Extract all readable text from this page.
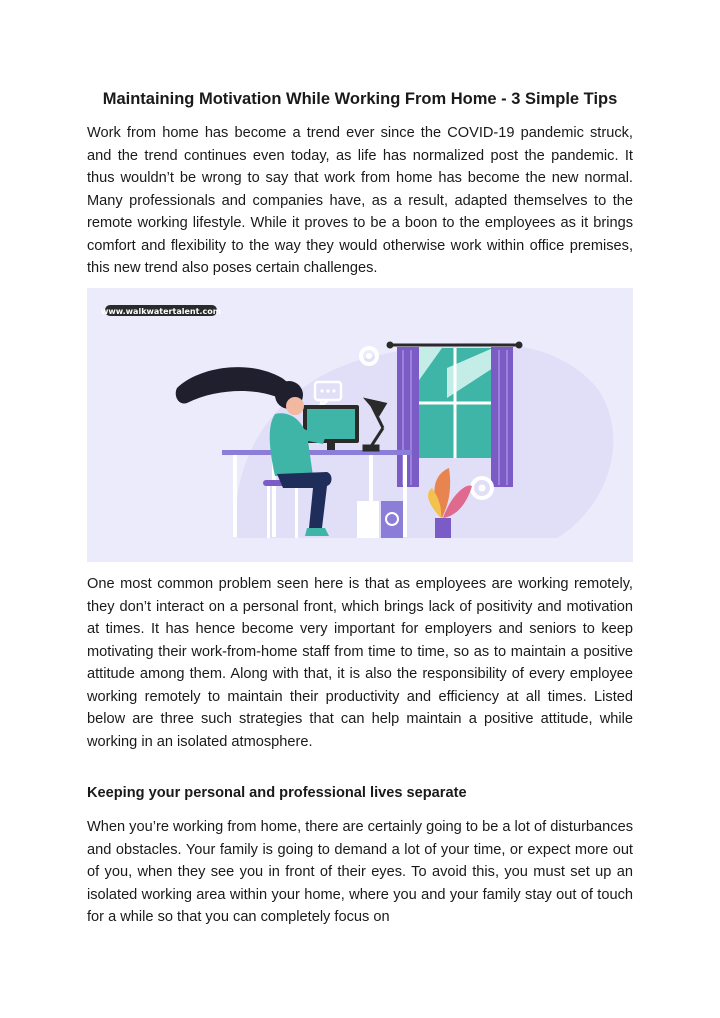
Maintaining Motivation While Working From Home - 3 Simple Tips

Work from home has become a trend ever since the COVID-19 pandemic struck, and the trend continues even today, as life has normalized post the pandemic. It thus wouldn’t be wrong to say that work from home has become the new normal. Many professionals and companies have, as a result, adapted themselves to the remote working lifestyle. While it proves to be a boon to the employees as it brings comfort and flexibility to the way they would otherwise work within office premises, this new trend also poses certain challenges.

www.walkwatertalent.com

One most common problem seen here is that as employees are working remotely, they don’t interact on a personal front, which brings lack of positivity and motivation at times. It has hence become very important for employers and seniors to keep motivating their work-from-home staff from time to time, so as to maintain a positive attitude among them. Along with that, it is also the responsibility of every employee working remotely to maintain their productivity and efficiency at all times. Listed below are three such strategies that can help maintain a positive attitude, while working in an isolated atmosphere.

Keeping your personal and professional lives separate

When you’re working from home, there are certainly going to be a lot of disturbances and obstacles. Your family is going to demand a lot of your time, or expect more out of you, when they see you in front of their eyes. To avoid this, you must set up an isolated working area within your home, where you and your family stay out of touch for a while so that you can completely focus on
